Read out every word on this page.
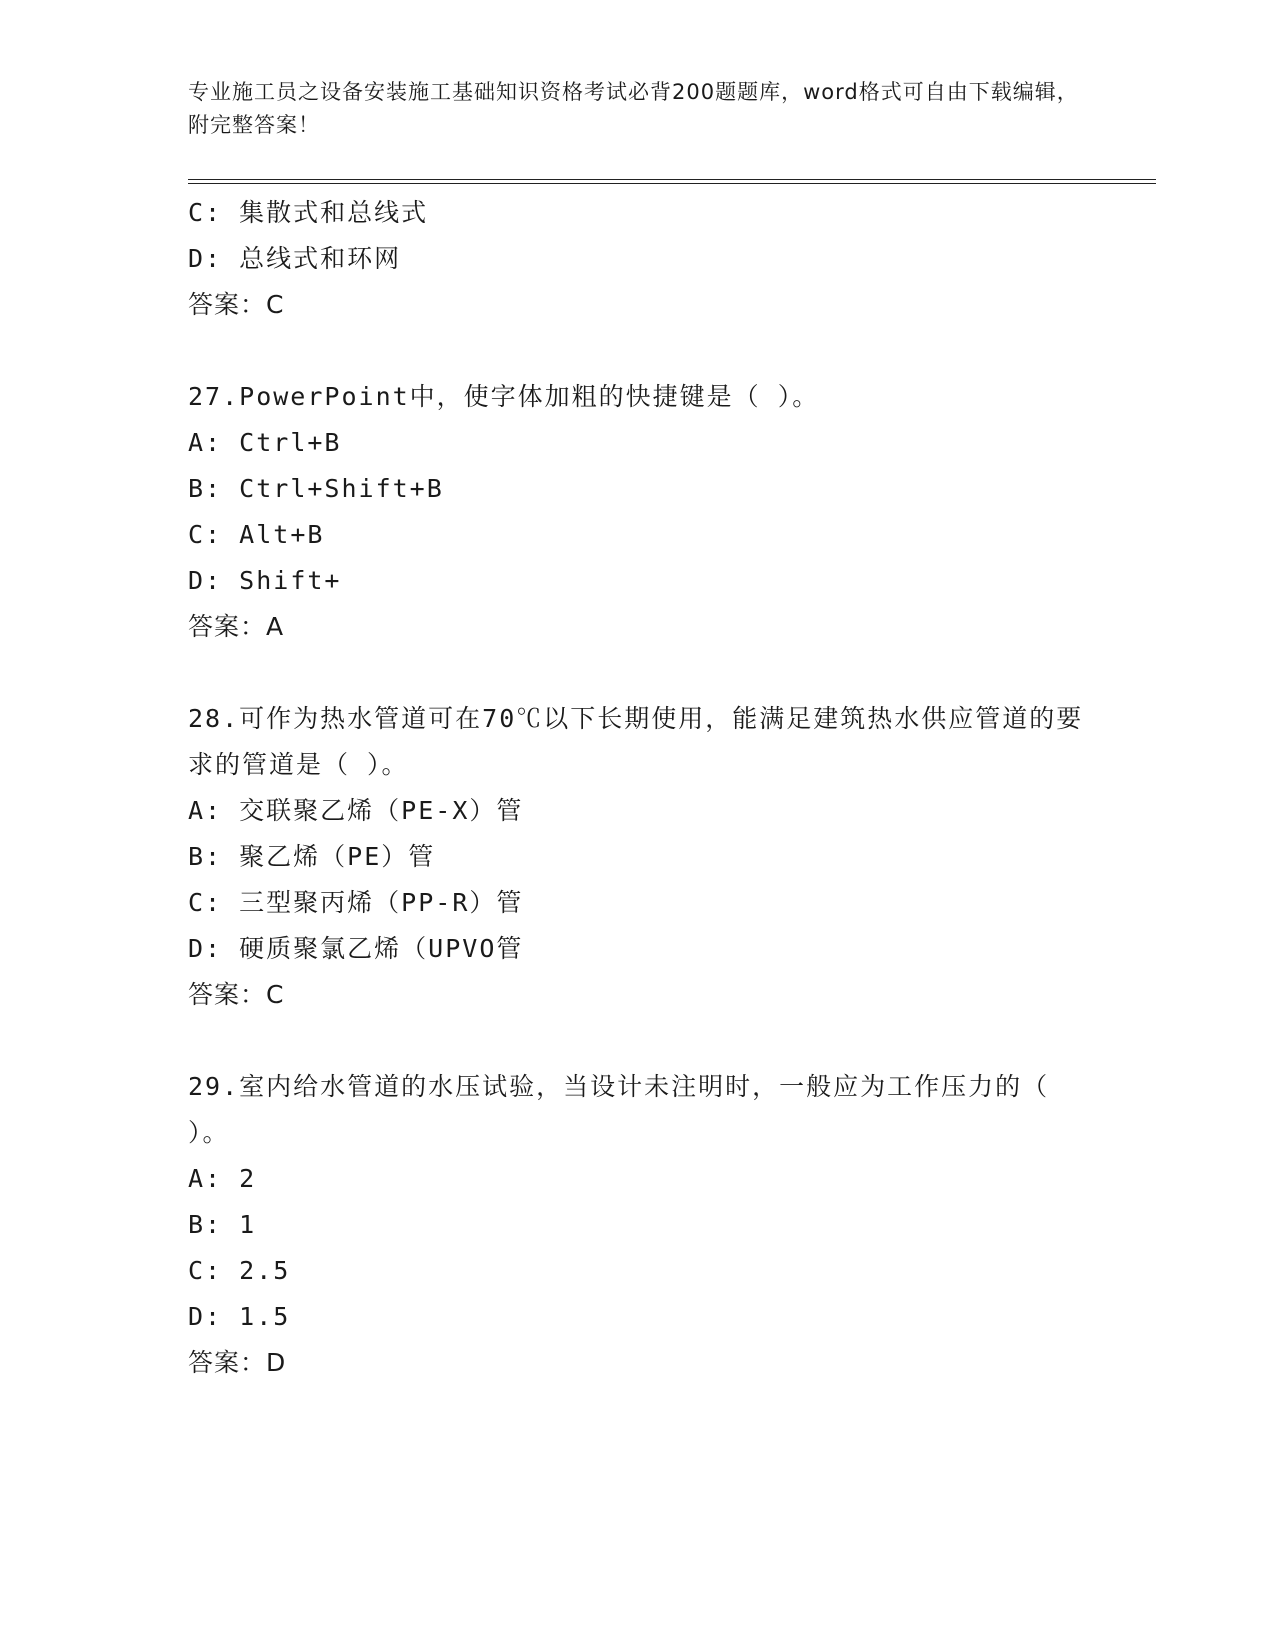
专业施工员之设备安装施工基础知识资格考试必背200题题库，word格式可自由下载编辑，附完整答案！
C: 集散式和总线式
D: 总线式和环网
答案：C
27.PowerPoint中，使字体加粗的快捷键是（ ）。
A: Ctrl+B
B: Ctrl+Shift+B
C: Alt+B
D: Shift+
答案：A
28.可作为热水管道可在70℃以下长期使用，能满足建筑热水供应管道的要求的管道是（ ）。
A: 交联聚乙烯（PE-X）管
B: 聚乙烯（PE）管
C: 三型聚丙烯（PP-R）管
D: 硬质聚氯乙烯（UPVO管
答案：C
29.室内给水管道的水压试验，当设计未注明时，一般应为工作压力的（ ）。
A: 2
B: 1
C: 2.5
D: 1.5
答案：D
